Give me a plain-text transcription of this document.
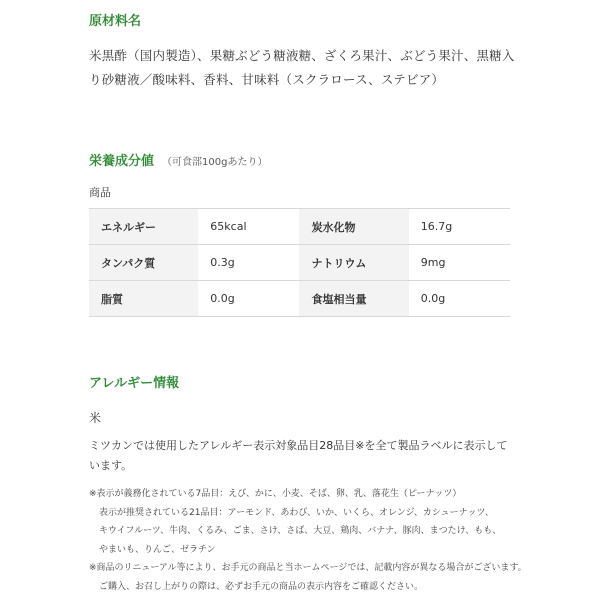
原材料名

米黒酢（国内製造）、果糖ぶどう糖液糖、ざくろ果汁、ぶどう果汁、黒糖入り砂糖液／酸味料、香料、甘味料（スクラロース、ステビア）

栄養成分値 （可食部100gあたり）

商品

エネルギー	65kcal	炭水化物	16.7g
タンパク質	0.3g	ナトリウム	9mg
脂質	0.0g	食塩相当量	0.0g
アレルギー情報

米

ミツカンでは使用したアレルギー表示対象品目28品目※を全て製品ラベルに表示しています。

※表示が義務化されている7品目：えび、かに、小麦、そば、卵、乳、落花生（ピーナッツ）
表示が推奨されている21品目：アーモンド、あわび、いか、いくら、オレンジ、カシューナッツ、
キウイフルーツ、牛肉、くるみ、ごま、さけ、さば、大豆、鶏肉、バナナ、豚肉、まつたけ、もも、
やまいも、りんご、ゼラチン
※商品のリニューアル等により、お手元の商品と当ホームページでは、記載内容が異なる場合がございます。
ご購入、お召し上がりの際は、必ずお手元の商品の表示内容をご確認ください。
